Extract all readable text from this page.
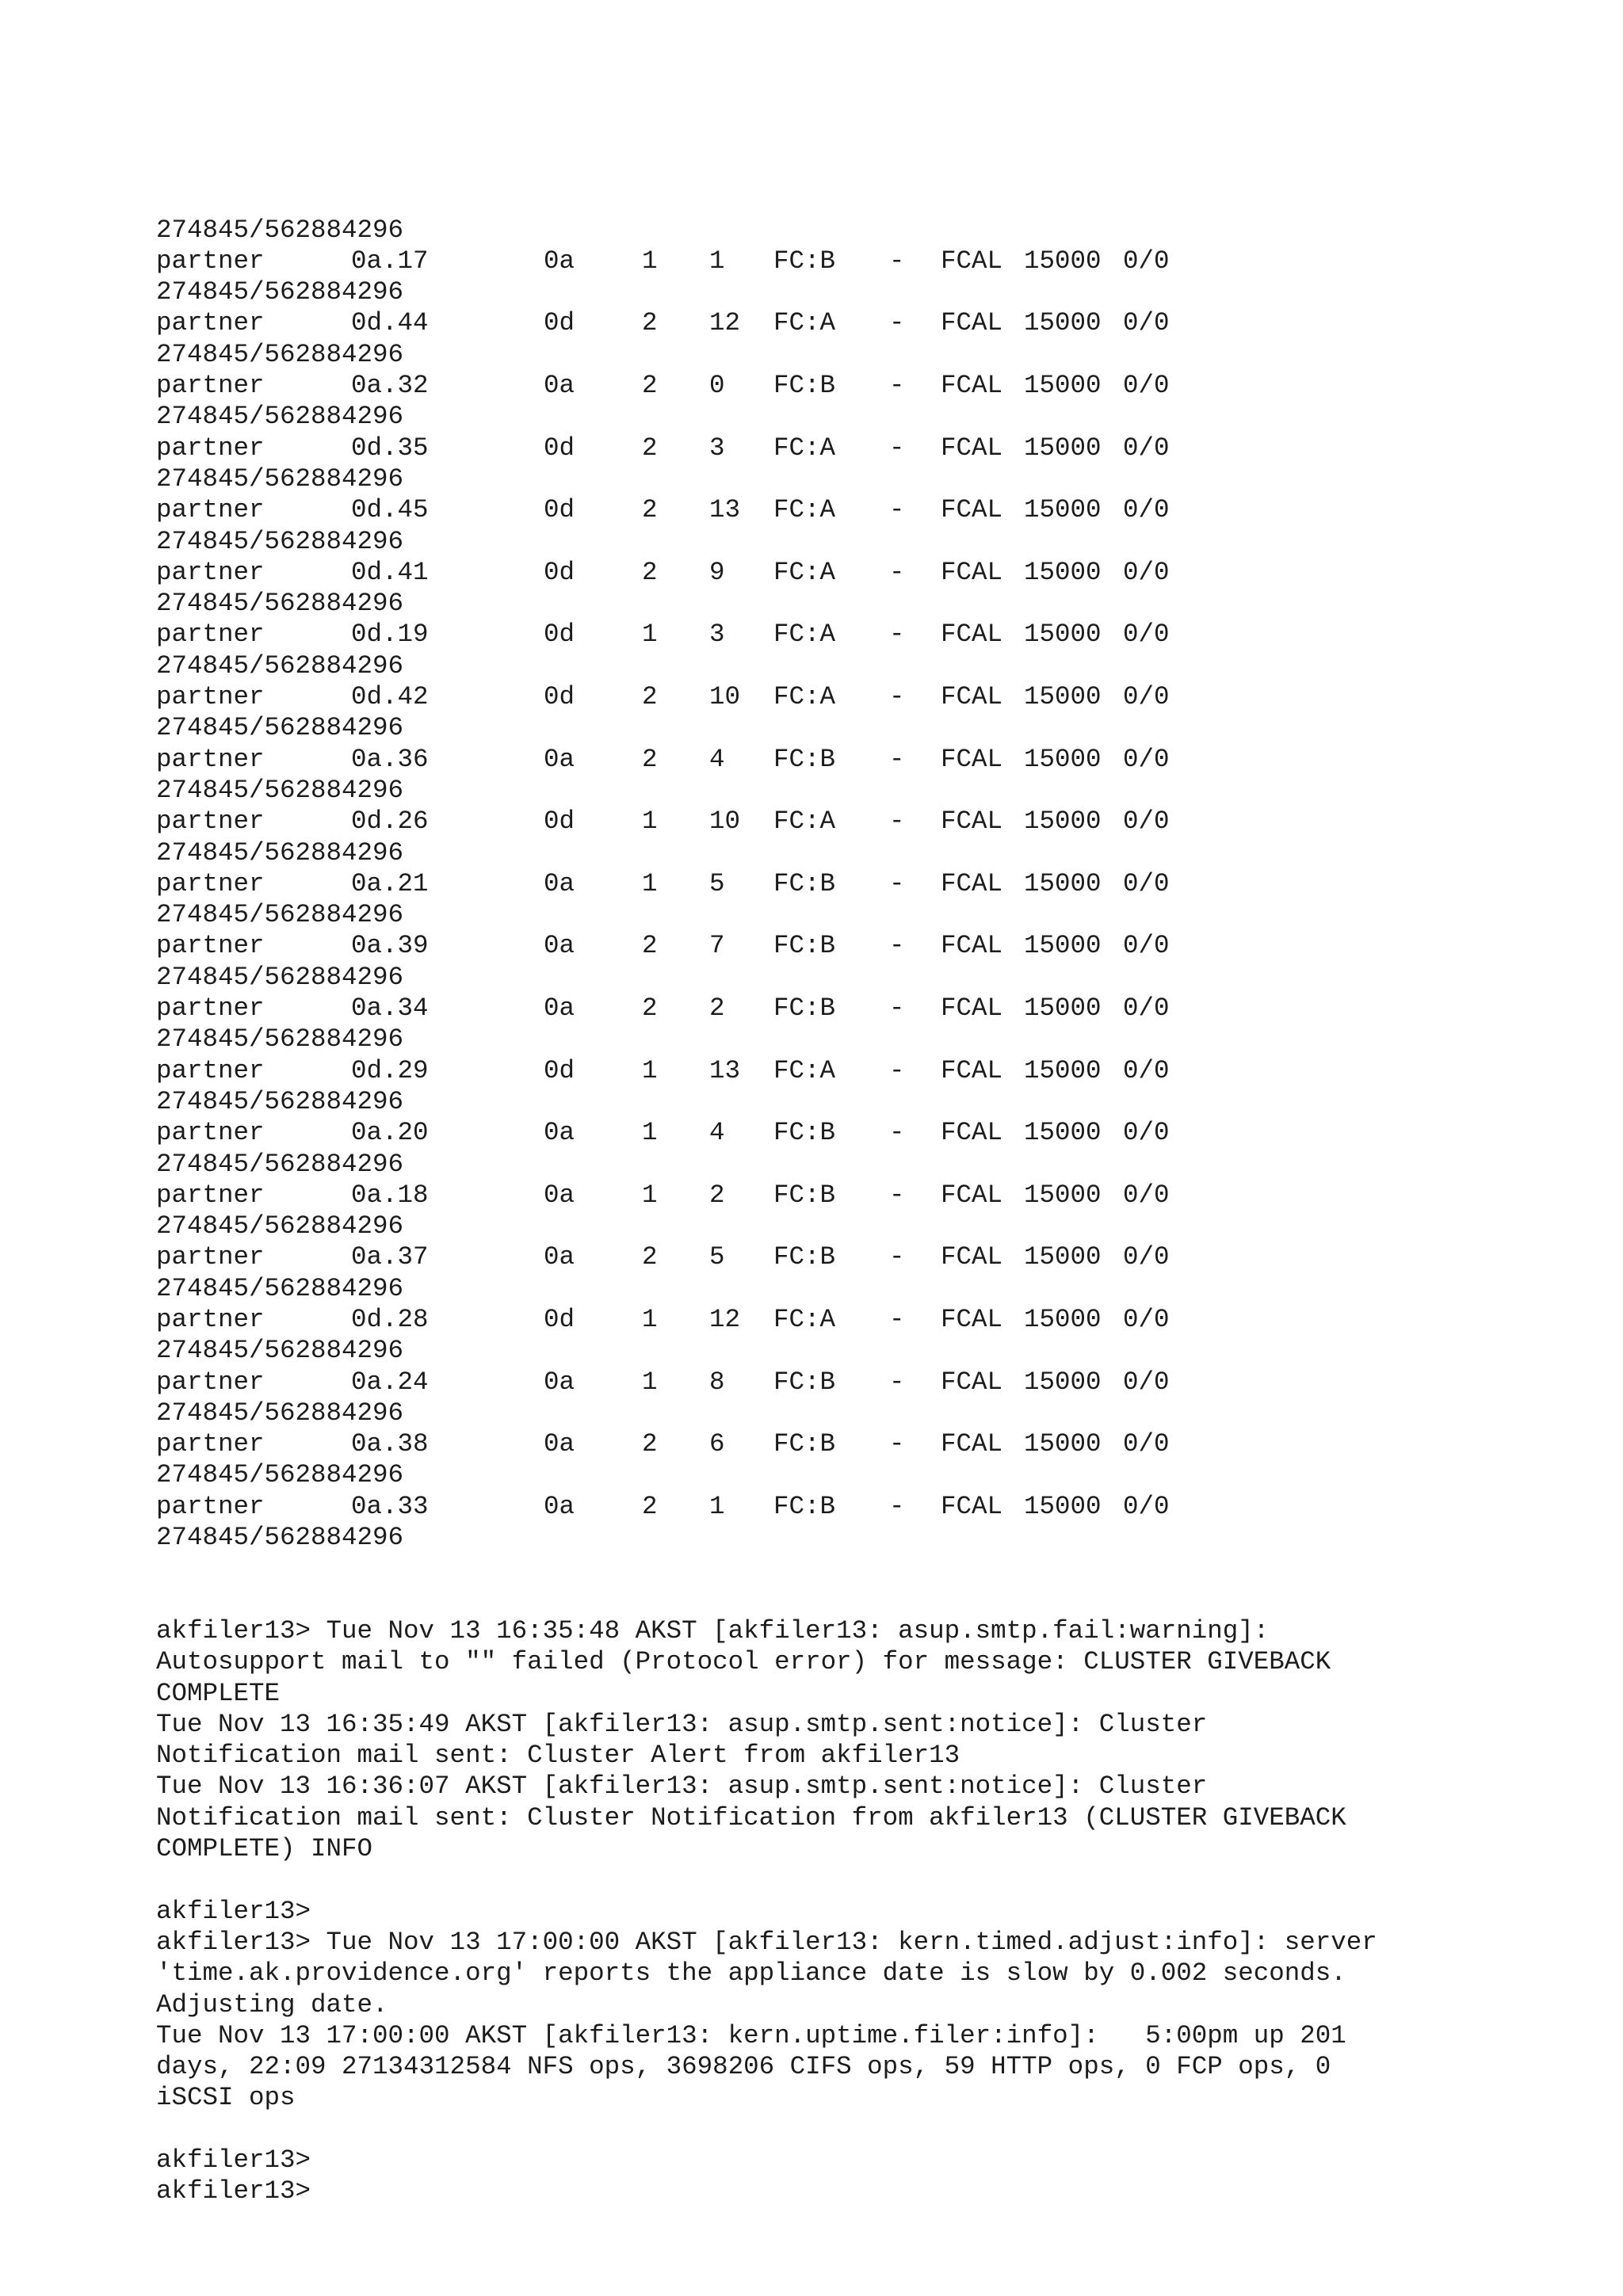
274845/562884296
partner	0a.17	0a	1 1 FC:B - FCAL 15000 0/0
274845/562884296
partner	0d.44	0d	2 12 FC:A - FCAL 15000 0/0
274845/562884296
partner	0a.32	0a	2 0 FC:B - FCAL 15000 0/0
274845/562884296
partner	0d.35	0d	2 3 FC:A - FCAL 15000 0/0
274845/562884296
partner	0d.45	0d	2 13 FC:A - FCAL 15000 0/0
274845/562884296
partner	0d.41	0d	2 9 FC:A - FCAL 15000 0/0
274845/562884296
partner	0d.19	0d	1 3 FC:A - FCAL 15000 0/0
274845/562884296
partner	0d.42	0d	2 10 FC:A - FCAL 15000 0/0
274845/562884296
partner	0a.36	0a	2 4 FC:B - FCAL 15000 0/0
274845/562884296
partner	0d.26	0d	1 10 FC:A - FCAL 15000 0/0
274845/562884296
partner	0a.21	0a	1 5 FC:B - FCAL 15000 0/0
274845/562884296
partner	0a.39	0a	2 7 FC:B - FCAL 15000 0/0
274845/562884296
partner	0a.34	0a	2 2 FC:B - FCAL 15000 0/0
274845/562884296
partner	0d.29	0d	1 13 FC:A - FCAL 15000 0/0
274845/562884296
partner	0a.20	0a	1 4 FC:B - FCAL 15000 0/0
274845/562884296
partner	0a.18	0a	1 2 FC:B - FCAL 15000 0/0
274845/562884296
partner	0a.37	0a	2 5 FC:B - FCAL 15000 0/0
274845/562884296
partner	0d.28	0d	1 12 FC:A - FCAL 15000 0/0
274845/562884296
partner	0a.24	0a	1 8 FC:B - FCAL 15000 0/0
274845/562884296
partner	0a.38	0a	2 6 FC:B - FCAL 15000 0/0
274845/562884296
partner	0a.33	0a	2 1 FC:B - FCAL 15000 0/0
274845/562884296

akfiler13> Tue Nov 13 16:35:48 AKST [akfiler13: asup.smtp.fail:warning]:
Autosupport mail to "" failed (Protocol error) for message: CLUSTER GIVEBACK
COMPLETE
Tue Nov 13 16:35:49 AKST [akfiler13: asup.smtp.sent:notice]: Cluster
Notification mail sent: Cluster Alert from akfiler13
Tue Nov 13 16:36:07 AKST [akfiler13: asup.smtp.sent:notice]: Cluster
Notification mail sent: Cluster Notification from akfiler13 (CLUSTER GIVEBACK
COMPLETE) INFO
akfiler13>
akfiler13> Tue Nov 13 17:00:00 AKST [akfiler13: kern.timed.adjust:info]: server
'time.ak.providence.org' reports the appliance date is slow by 0.002 seconds.
Adjusting date.
Tue Nov 13 17:00:00 AKST [akfiler13: kern.uptime.filer:info]:   5:00pm up 201
days, 22:09 27134312584 NFS ops, 3698206 CIFS ops, 59 HTTP ops, 0 FCP ops, 0
iSCSI ops
akfiler13>
akfiler13>
